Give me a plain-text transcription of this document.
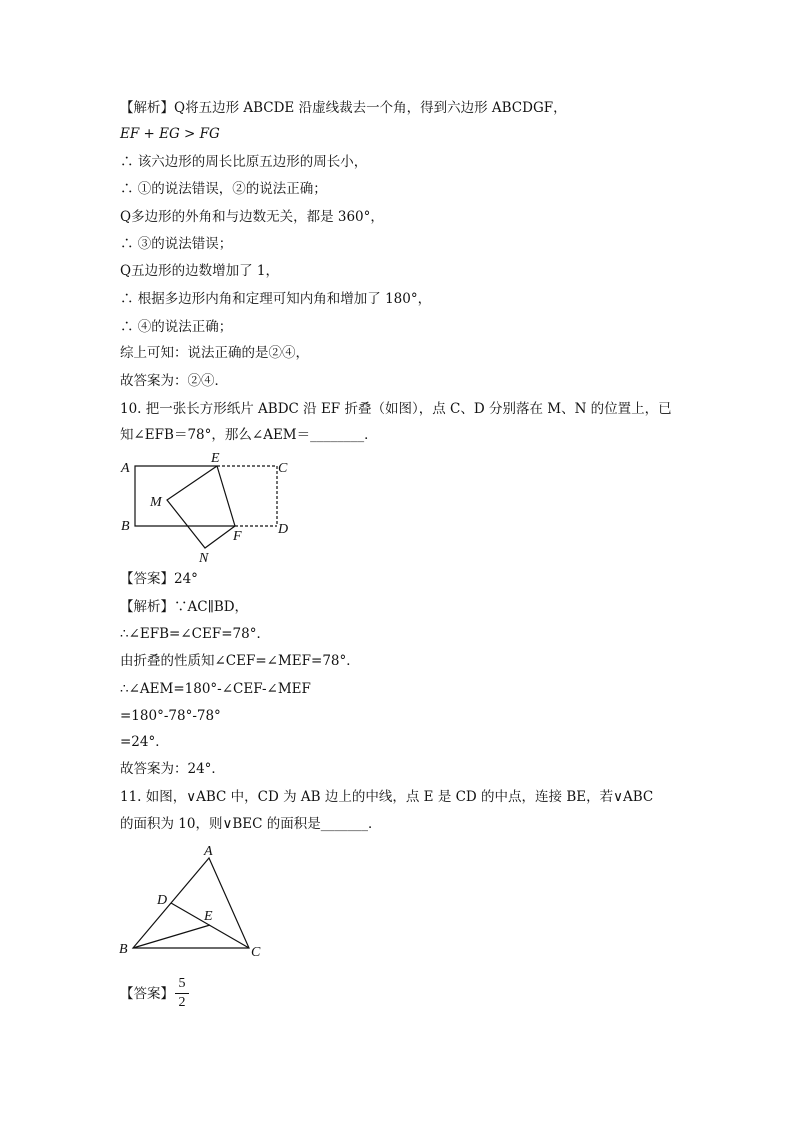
【解析】Q将五边形 ABCDE 沿虚线裁去一个角，得到六边形 ABCDGF，
EF + EG > FG
∴ 该六边形的周长比原五边形的周长小，
∴ ①的说法错误，②的说法正确；
Q多边形的外角和与边数无关，都是 360°，
∴ ③的说法错误；
Q五边形的边数增加了 1，
∴ 根据多边形内角和定理可知内角和增加了 180°，
∴ ④的说法正确；
综上可知：说法正确的是②④，
故答案为：②④．
10. 把一张长方形纸片 ABDC 沿 EF 折叠（如图），点 C、D 分别落在 M、N 的位置上，已
知∠EFB＝78°，那么∠AEM＝________．
A
B
E
C
D
M
F
N
【答案】24°
【解析】∵AC∥BD，
∴∠EFB=∠CEF=78°．
由折叠的性质知∠CEF=∠MEF=78°．
∴∠AEM=180°-∠CEF-∠MEF
=180°-78°-78°
=24°．
故答案为：24°．
11. 如图，∨ABC 中，CD 为 AB 边上的中线，点 E 是 CD 的中点，连接 BE，若∨ABC
的面积为 10，则∨BEC 的面积是_______．
A
D
E
B	C
【答案】
5
2
